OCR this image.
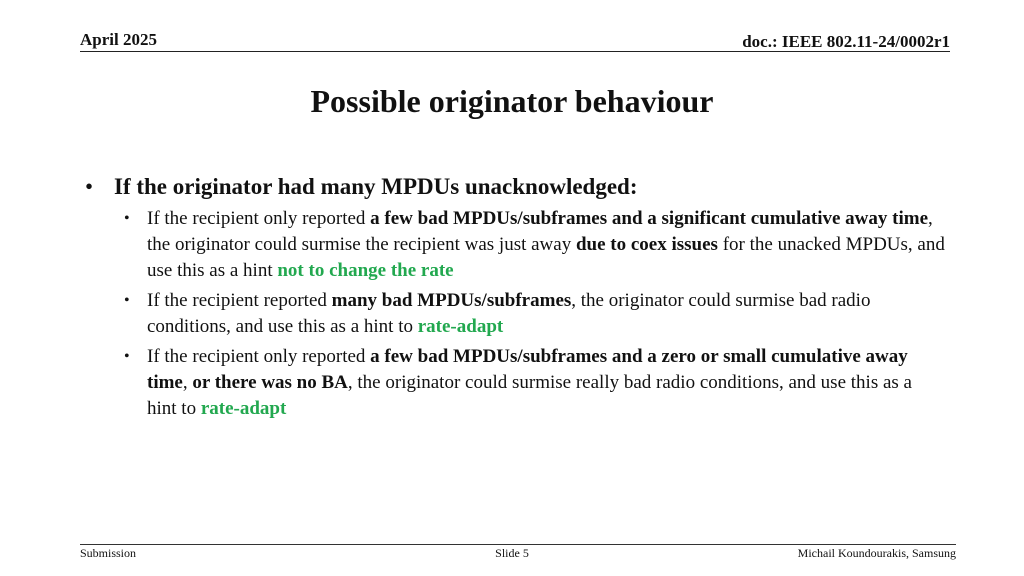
April 2025	doc.: IEEE 802.11-24/0002r1
Possible originator behaviour
• If the originator had many MPDUs unacknowledged:
• If the recipient only reported a few bad MPDUs/subframes and a significant cumulative away time, the originator could surmise the recipient was just away due to coex issues for the unacked MPDUs, and use this as a hint not to change the rate
• If the recipient reported many bad MPDUs/subframes, the originator could surmise bad radio conditions, and use this as a hint to rate-adapt
• If the recipient only reported a few bad MPDUs/subframes and a zero or small cumulative away time, or there was no BA, the originator could surmise really bad radio conditions, and use this as a hint to rate-adapt
Submission	Slide 5	Michail Koundourakis, Samsung
